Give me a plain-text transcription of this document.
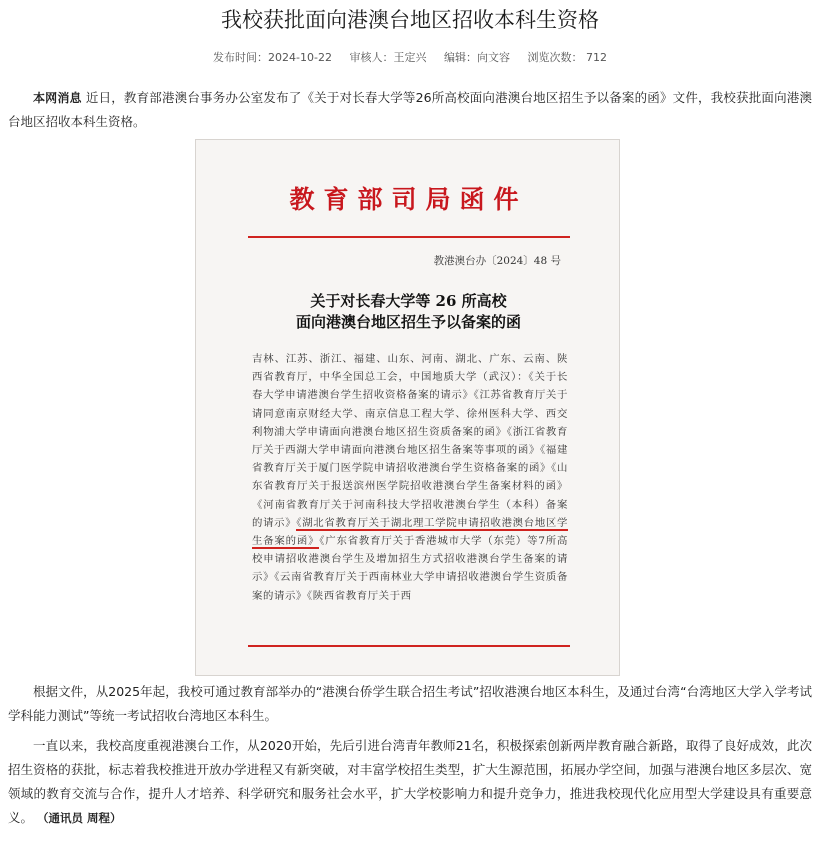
我校获批面向港澳台地区招收本科生资格
发布时间：2024-10-22 审核人：王定兴 编辑：向文容 浏览次数： 712

本网消息 近日，教育部港澳台事务办公室发布了《关于对长春大学等26所高校面向港澳台地区招生予以备案的函》文件，我校获批面向港澳台地区招收本科生资格。

教育部司局函件
教港澳台办〔2024〕48 号
关于对长春大学等 26 所高校
面向港澳台地区招生予以备案的函

吉林、江苏、浙江、福建、山东、河南、湖北、广东、云南、陕西省教育厅，中华全国总工会，中国地质大学（武汉）：《关于长春大学申请港澳台学生招收资格备案的请示》《江苏省教育厅关于请同意南京财经大学、南京信息工程大学、徐州医科大学、西交利物浦大学申请面向港澳台地区招生资质备案的函》《浙江省教育厅关于西湖大学申请面向港澳台地区招生备案等事项的函》《福建省教育厅关于厦门医学院申请招收港澳台学生资格备案的函》《山东省教育厅关于报送滨州医学院招收港澳台学生备案材料的函》《河南省教育厅关于河南科技大学招收港澳台学生（本科）备案的请示》《湖北省教育厅关于湖北理工学院申请招收港澳台地区学生备案的函》《广东省教育厅关于香港城市大学（东莞）等7所高校申请招收港澳台学生及增加招生方式招收港澳台学生备案的请示》《云南省教育厅关于西南林业大学申请招收港澳台学生资质备案的请示》《陕西省教育厅关于西

根据文件，从2025年起，我校可通过教育部举办的“港澳台侨学生联合招生考试”招收港澳台地区本科生，及通过台湾“台湾地区大学入学考试学科能力测试”等统一考试招收台湾地区本科生。

一直以来，我校高度重视港澳台工作，从2020开始，先后引进台湾青年教师21名，积极探索创新两岸教育融合新路，取得了良好成效，此次招生资格的获批，标志着我校推进开放办学进程又有新突破，对丰富学校招生类型，扩大生源范围，拓展办学空间，加强与港澳台地区多层次、宽领域的教育交流与合作，提升人才培养、科学研究和服务社会水平，扩大学校影响力和提升竞争力，推进我校现代化应用型大学建设具有重要意义。 （通讯员 周程）
